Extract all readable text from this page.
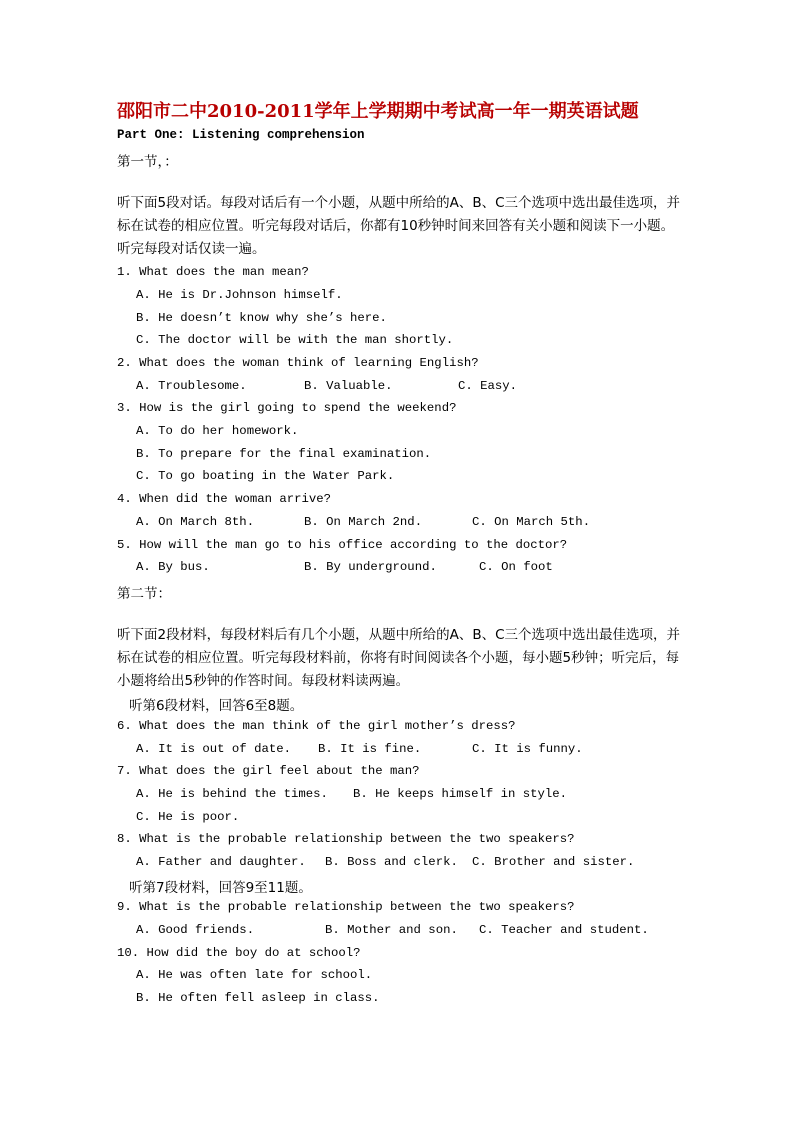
邵阳市二中2010-2011学年上学期期中考试高一年一期英语试题
Part One: Listening comprehension
第一节，：
听下面5段对话。每段对话后有一个小题，从题中所给的A、B、C三个选项中选出最佳选项，并标在试卷的相应位置。听完每段对话后，你都有10秒钟时间来回答有关小题和阅读下一小题。听完每段对话仅读一遍。
1. What does the man mean?
A. He is Dr.Johnson himself.
B. He doesn’t know why she’s here.
C. The doctor will be with the man shortly.
2. What does the woman think of learning English?
A. Troublesome.	B. Valuable.	C. Easy.
3. How is the girl going to spend the weekend?
A. To do her homework.
B. To prepare for the final examination.
C. To go boating in the Water Park.
4. When did the woman arrive?
A. On March 8th.	B. On March 2nd.	C. On March 5th.
5. How will the man go to his office according to the doctor?
A. By bus.	B. By underground.	C. On foot
第二节：
听下面2段材料，每段材料后有几个小题，从题中所给的A、B、C三个选项中选出最佳选项，并标在试卷的相应位置。听完每段材料前，你将有时间阅读各个小题，每小题5秒钟；听完后，每小题将给出5秒钟的作答时间。每段材料读两遍。
听第6段材料，回答6至8题。
6. What does the man think of the girl mother’s dress?
A. It is out of date. B. It is fine.	C. It is funny.
7. What does the girl feel about the man?
A. He is behind the times. B. He keeps himself in style.
C. He is poor.
8. What is the probable relationship between the two speakers?
A. Father and daughter. B. Boss and clerk. C. Brother and sister.
听第7段材料，回答9至11题。
9. What is the probable relationship between the two speakers?
A. Good friends.	B. Mother and son. C. Teacher and student.
10. How did the boy do at school?
A. He was often late for school.
B. He often fell asleep in class.
